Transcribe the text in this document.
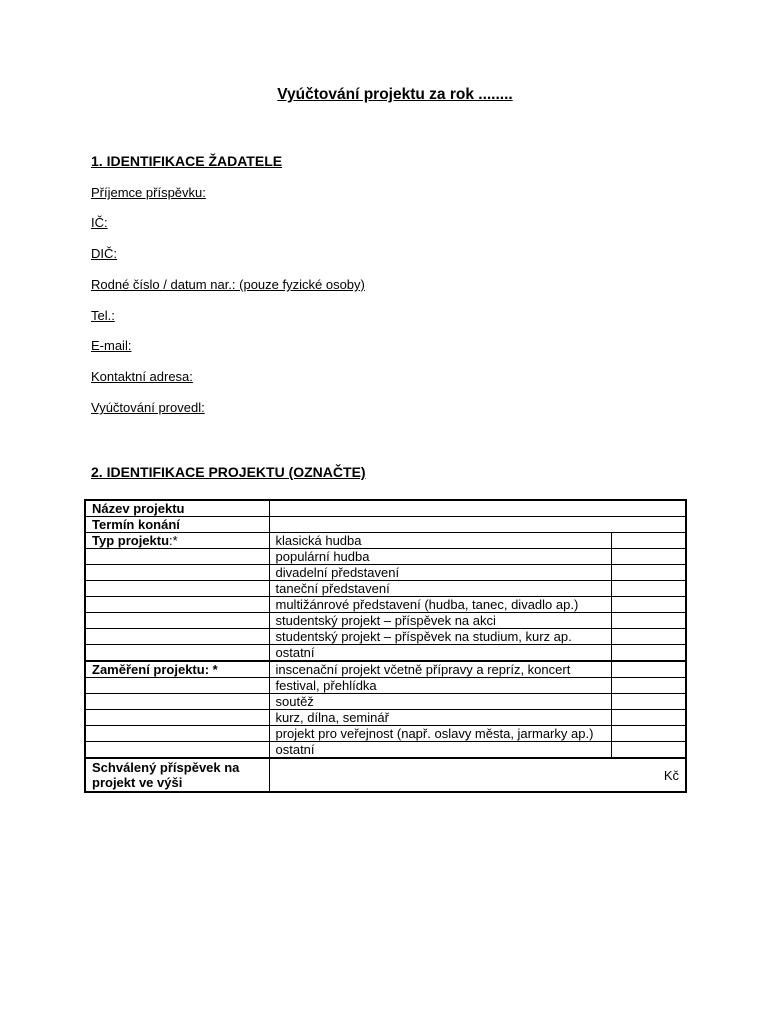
Vyúčtování projektu za rok ........
1. IDENTIFIKACE ŽADATELE
Příjemce příspěvku:
IČ:
DIČ:
Rodné číslo / datum nar.: (pouze fyzické osoby)
Tel.:
E-mail:
Kontaktní adresa:
Vyúčtování provedl:
2. IDENTIFIKACE PROJEKTU (OZNAČTE)
Název projektu		
Termín konání		
Typ projektu:*	klasická hudba	
	populární hudba	
	divadelní představení	
	taneční představení	
	multižánrové představení (hudba, tanec, divadlo ap.)	
	studentský projekt – příspěvek na akci	
	studentský projekt – příspěvek na studium, kurz ap.	
	ostatní	
Zaměření projektu: *	inscenační projekt včetně přípravy a repríz, koncert	
	festival, přehlídka	
	soutěž	
	kurz, dílna, seminář	
	projekt pro veřejnost (např. oslavy města, jarmarky ap.)	
	ostatní	
Schválený příspěvek na projekt ve výši	Kč	
